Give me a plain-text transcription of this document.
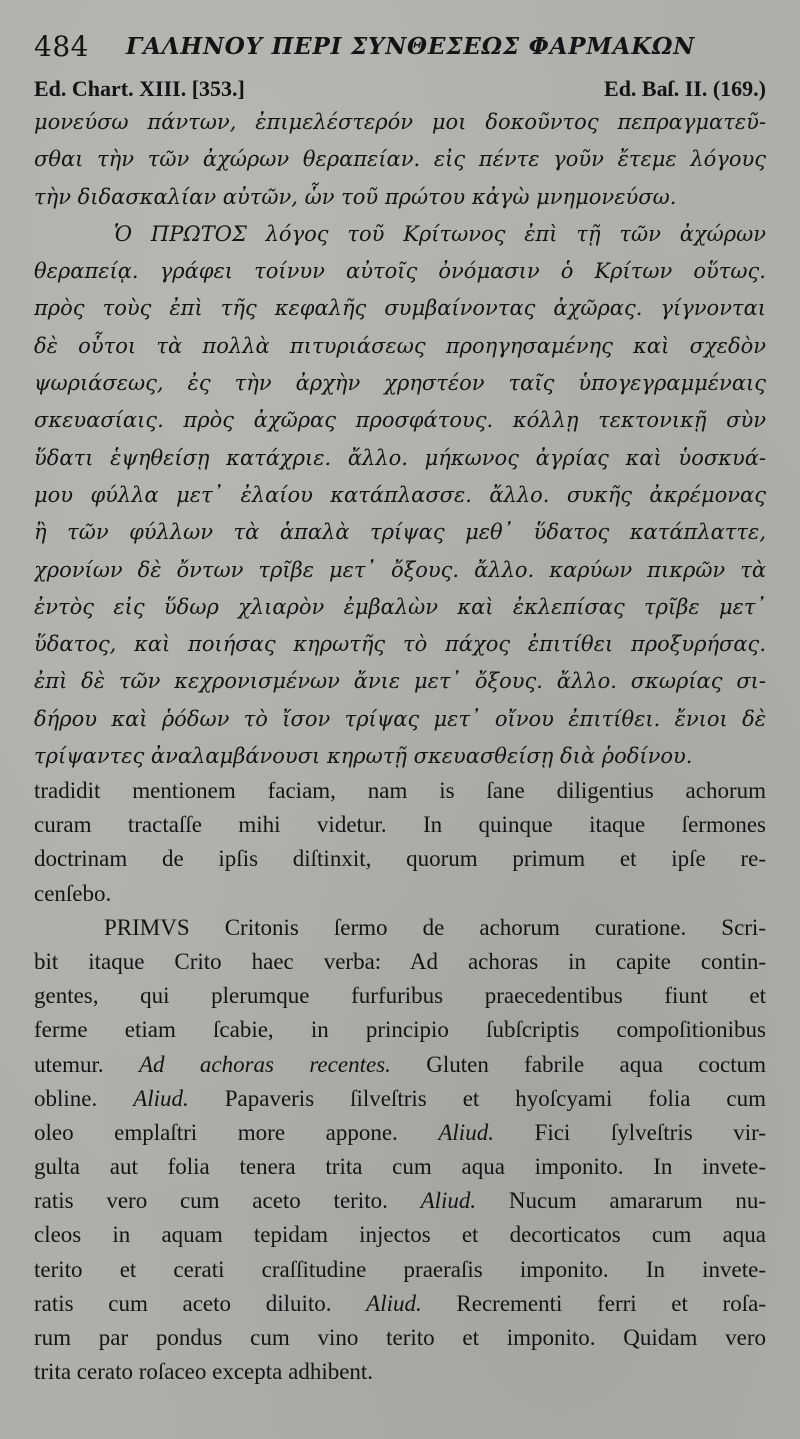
484 ΓΑΛΗΝΟΥ ΠΕΡΙ ΣΥΝΘΕΣΕΩΣ ΦΑΡΜΑΚΩΝ
Ed. Chart. XIII. [353.]	Ed. Baſ. II. (169.)
μονεύσω πάντων, ἐπιμελέστερόν μοι δοκοῦντος πεπραγματεῦ-
σθαι τὴν τῶν ἀχώρων θεραπείαν. εἰς πέντε γοῦν ἔτεμε λόγους
τὴν διδασκαλίαν αὐτῶν, ὧν τοῦ πρώτου κἀγὼ μνημονεύσω.
Ὁ ΠΡΩΤΟΣ λόγος τοῦ Κρίτωνος ἐπὶ τῇ τῶν ἀχώρων
θεραπείᾳ. γράφει τοίνυν αὐτοῖς ὀνόμασιν ὁ Κρίτων οὕτως.
πρὸς τοὺς ἐπὶ τῆς κεφαλῆς συμβαίνοντας ἀχῶρας. γίγνονται
δὲ οὗτοι τὰ πολλὰ πιτυριάσεως προηγησαμένης καὶ σχεδὸν
ψωριάσεως, ἐς τὴν ἀρχὴν χρηστέον ταῖς ὑπογεγραμμέναις
σκευασίαις. πρὸς ἀχῶρας προσφάτους. κόλλῃ τεκτονικῇ σὺν
ὕδατι ἑψηθείσῃ κατάχριε. ἄλλο. μήκωνος ἀγρίας καὶ ὑοσκυά-
μου φύλλα μετ᾽ ἐλαίου κατάπλασσε. ἄλλο. συκῆς ἀκρέμονας
ἢ τῶν φύλλων τὰ ἁπαλὰ τρίψας μεθ᾽ ὕδατος κατάπλαττε,
χρονίων δὲ ὄντων τρῖβε μετ᾽ ὄξους. ἄλλο. καρύων πικρῶν τὰ
ἐντὸς εἰς ὕδωρ χλιαρὸν ἐμβαλὼν καὶ ἐκλεπίσας τρῖβε μετ᾽
ὕδατος, καὶ ποιήσας κηρωτῆς τὸ πάχος ἐπιτίθει προξυρήσας.
ἐπὶ δὲ τῶν κεχρονισμένων ἄνιε μετ᾽ ὄξους. ἄλλο. σκωρίας σι-
δήρου καὶ ῥόδων τὸ ἴσον τρίψας μετ᾽ οἴνου ἐπιτίθει. ἔνιοι δὲ
τρίψαντες ἀναλαμβάνουσι κηρωτῇ σκευασθείσῃ διὰ ῥοδίνου.
tradidit mentionem faciam, nam is ſane diligentius achorum
curam tractaſſe mihi videtur. In quinque itaque ſermones
doctrinam de ipſis diſtinxit, quorum primum et ipſe re-
cenſebo.
PRIMVS Critonis ſermo de achorum curatione. Scri-
bit itaque Crito haec verba: Ad achoras in capite contin-
gentes, qui plerumque furfuribus praecedentibus fiunt et
ferme etiam ſcabie, in principio ſubſcriptis compoſitionibus
utemur. Ad achoras recentes. Gluten fabrile aqua coctum
obline. Aliud. Papaveris ſilveſtris et hyoſcyami folia cum
oleo emplaſtri more appone. Aliud. Fici ſylveſtris vir-
gulta aut folia tenera trita cum aqua imponito. In invete-
ratis vero cum aceto terito. Aliud. Nucum amararum nu-
cleos in aquam tepidam injectos et decorticatos cum aqua
terito et cerati craſſitudine praeraſis imponito. In invete-
ratis cum aceto diluito. Aliud. Recrementi ferri et roſa-
rum par pondus cum vino terito et imponito. Quidam vero
trita cerato roſaceo excepta adhibent.
